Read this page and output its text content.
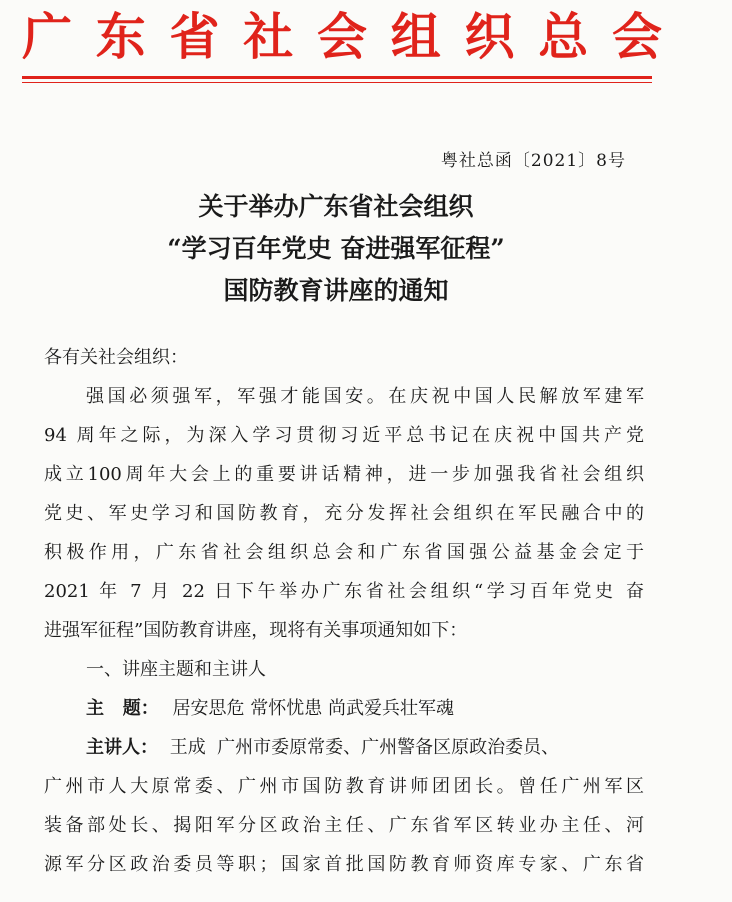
广 东 省 社 会 组 织 总 会
粤社总函〔2021〕8号
关于举办广东省社会组织
“学习百年党史 奋进强军征程”
国防教育讲座的通知
各有关社会组织：
强国必须强军，军强才能国安。在庆祝中国人民解放军建军
94 周年之际，为深入学习贯彻习近平总书记在庆祝中国共产党
成立100周年大会上的重要讲话精神，进一步加强我省社会组织
党史、军史学习和国防教育，充分发挥社会组织在军民融合中的
积极作用，广东省社会组织总会和广东省国强公益基金会定于
2021 年 7 月 22 日下午举办广东省社会组织“学习百年党史 奋
进强军征程”国防教育讲座，现将有关事项通知如下：
一、讲座主题和主讲人
主   题： 居安思危 常怀忧患 尚武爱兵壮军魂
主讲人： 王成  广州市委原常委、广州警备区原政治委员、
广州市人大原常委、广州市国防教育讲师团团长。曾任广州军区
装备部处长、揭阳军分区政治主任、广东省军区转业办主任、河
源军分区政治委员等职；国家首批国防教育师资库专家、广东省
